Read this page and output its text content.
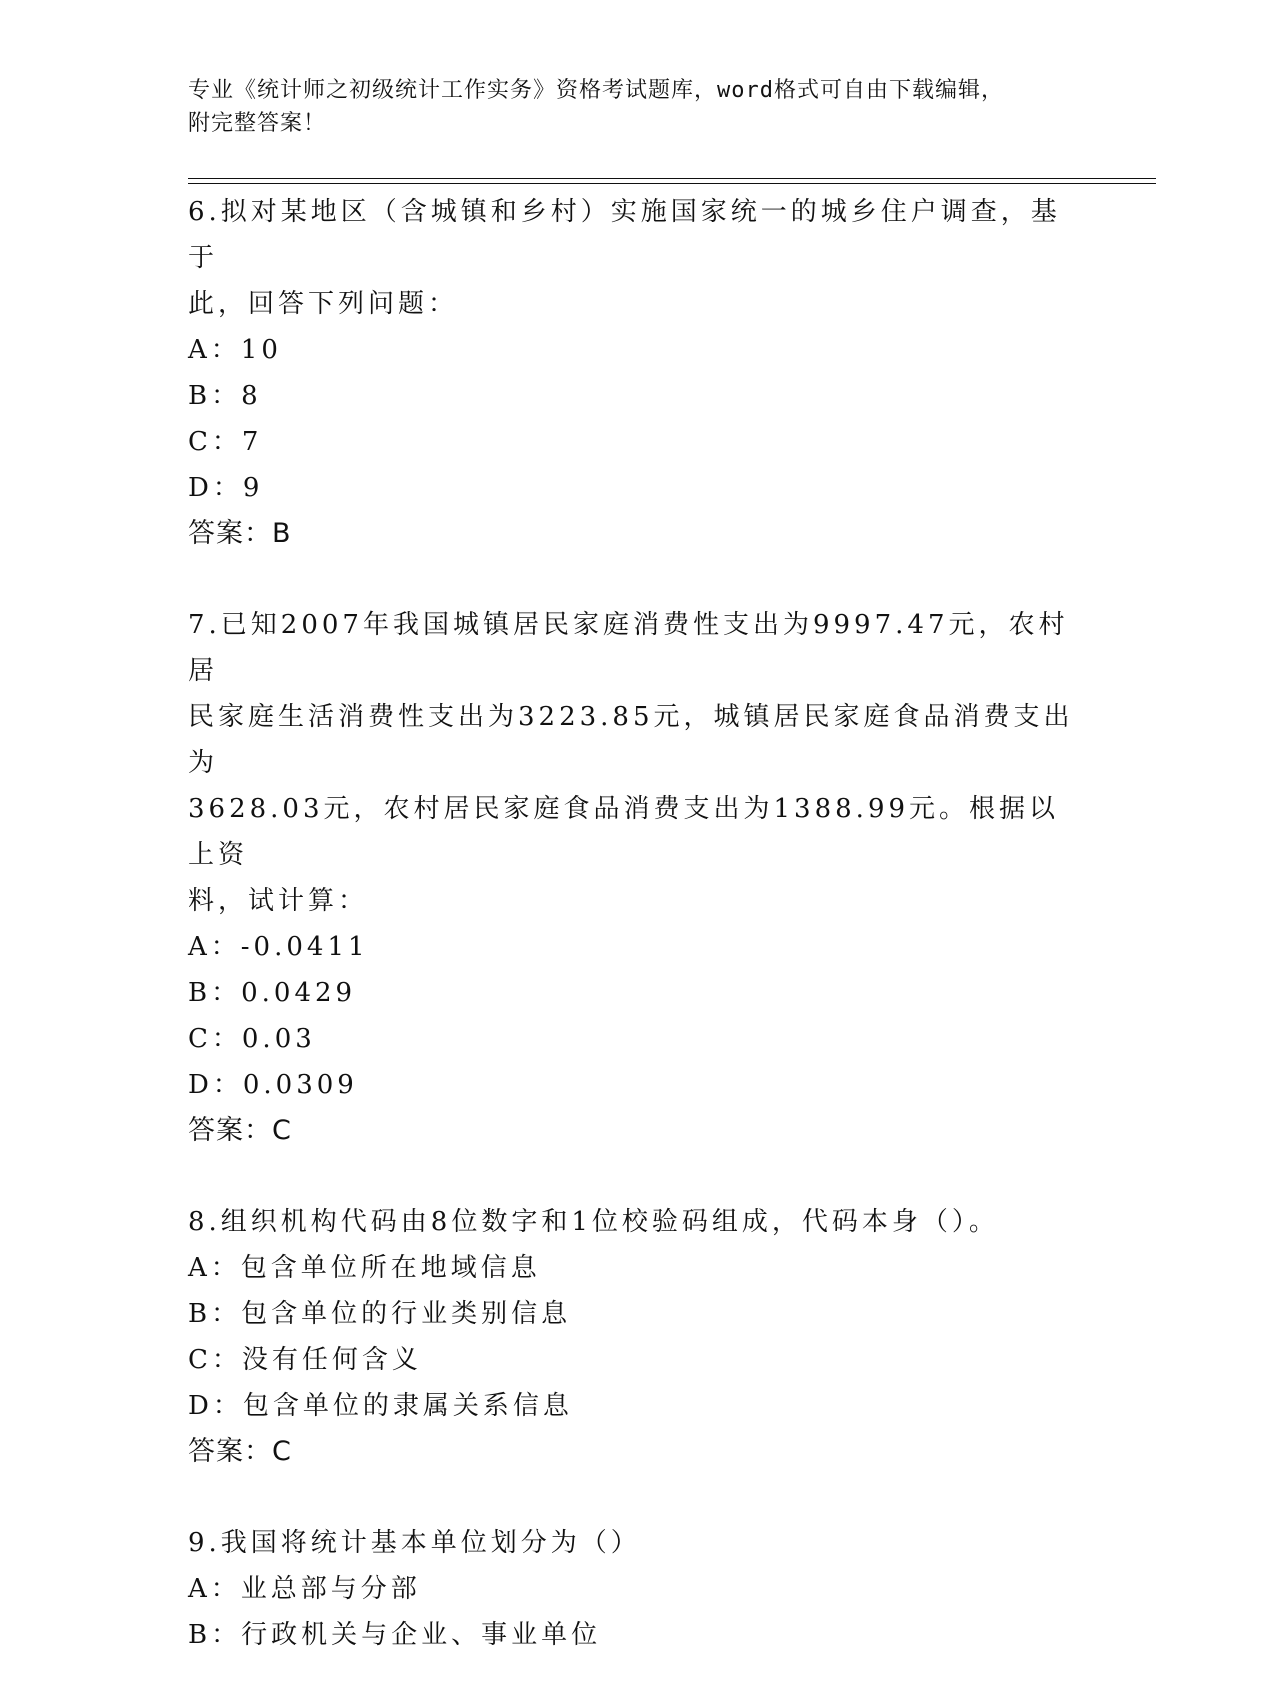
专业《统计师之初级统计工作实务》资格考试题库，word格式可自由下载编辑，
附完整答案！
6.拟对某地区（含城镇和乡村）实施国家统一的城乡住户调查，基于
此，回答下列问题：
A：10
B：8
C：7
D：9
答案：B
7.已知2007年我国城镇居民家庭消费性支出为9997.47元，农村居
民家庭生活消费性支出为3223.85元，城镇居民家庭食品消费支出为
3628.03元，农村居民家庭食品消费支出为1388.99元。根据以上资
料，试计算：
A：-0.0411
B：0.0429
C：0.03
D：0.0309
答案：C
8.组织机构代码由8位数字和1位校验码组成，代码本身（）。
A：包含单位所在地域信息
B：包含单位的行业类别信息
C：没有任何含义
D：包含单位的隶属关系信息
答案：C
9.我国将统计基本单位划分为（）
A：业总部与分部
B：行政机关与企业、事业单位
